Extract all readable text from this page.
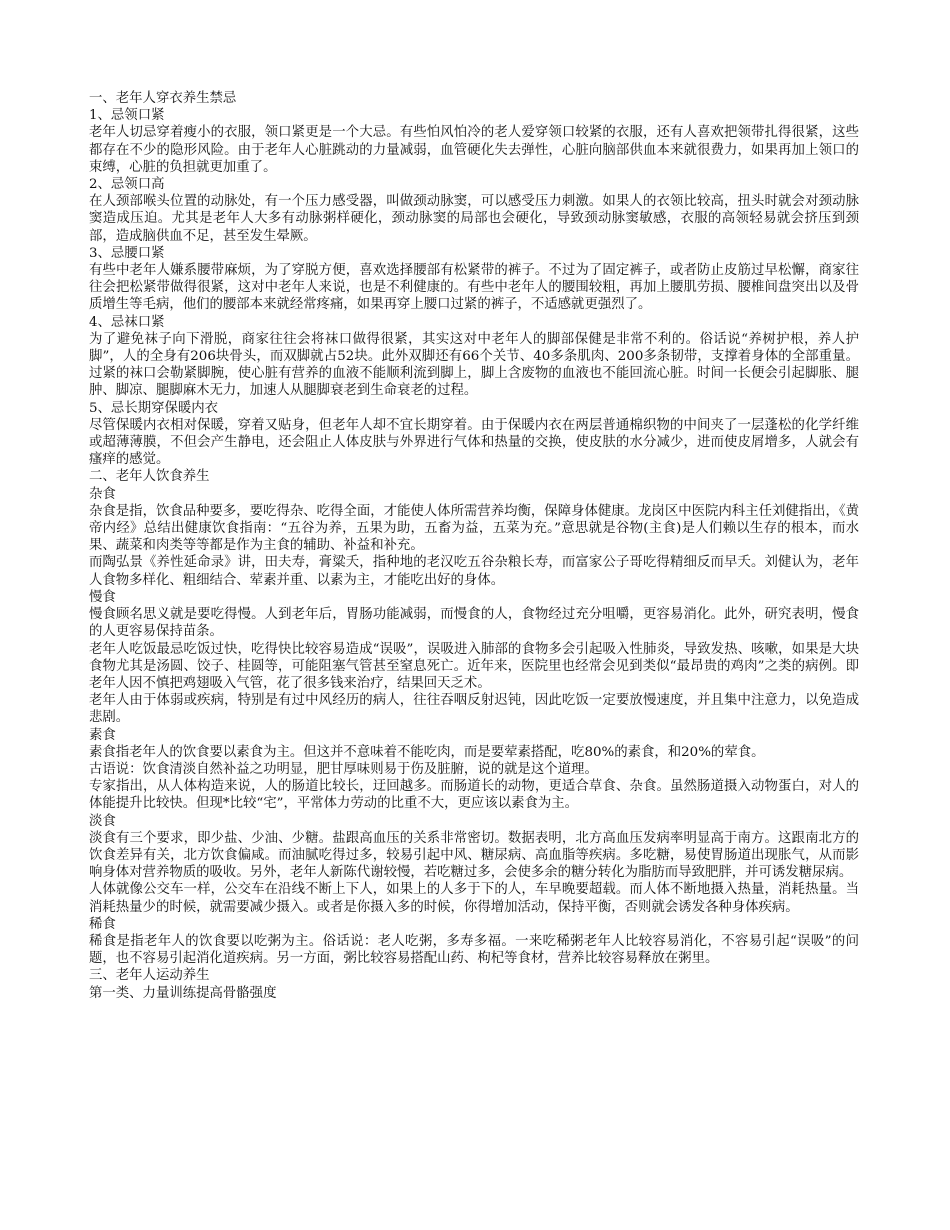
一、老年人穿衣养生禁忌

1、忌领口紧

老年人切忌穿着瘦小的衣服，领口紧更是一个大忌。有些怕风怕冷的老人爱穿领口较紧的衣服，还有人喜欢把领带扎得很紧，这些都存在不少的隐形风险。由于老年人心脏跳动的力量减弱，血管硬化失去弹性，心脏向脑部供血本来就很费力，如果再加上领口的束缚，心脏的负担就更加重了。

2、忌领口高

在人颈部喉头位置的动脉处，有一个压力感受器，叫做颈动脉窦，可以感受压力刺激。如果人的衣领比较高，扭头时就会对颈动脉窦造成压迫。尤其是老年人大多有动脉粥样硬化，颈动脉窦的局部也会硬化，导致颈动脉窦敏感，衣服的高领轻易就会挤压到颈部，造成脑供血不足，甚至发生晕厥。

3、忌腰口紧

有些中老年人嫌系腰带麻烦，为了穿脱方便，喜欢选择腰部有松紧带的裤子。不过为了固定裤子，或者防止皮筋过早松懈，商家往往会把松紧带做得很紧，这对中老年人来说，也是不利健康的。有些中老年人的腰围较粗，再加上腰肌劳损、腰椎间盘突出以及骨质增生等毛病，他们的腰部本来就经常疼痛，如果再穿上腰口过紧的裤子，不适感就更强烈了。

4、忌袜口紧

为了避免袜子向下滑脱，商家往往会将袜口做得很紧，其实这对中老年人的脚部保健是非常不利的。俗话说“养树护根，养人护脚”，人的全身有206块骨头，而双脚就占52块。此外双脚还有66个关节、40多条肌肉、200多条韧带，支撑着身体的全部重量。过紧的袜口会勒紧脚腕，使心脏有营养的血液不能顺利流到脚上，脚上含废物的血液也不能回流心脏。时间一长便会引起脚胀、腿肿、脚凉、腿脚麻木无力，加速人从腿脚衰老到生命衰老的过程。

5、忌长期穿保暖内衣

尽管保暖内衣相对保暖，穿着又贴身，但老年人却不宜长期穿着。由于保暖内衣在两层普通棉织物的中间夹了一层蓬松的化学纤维或超薄薄膜，不但会产生静电，还会阻止人体皮肤与外界进行气体和热量的交换，使皮肤的水分减少，进而使皮屑增多，人就会有瘙痒的感觉。

二、老年人饮食养生

杂食

杂食是指，饮食品种要多，要吃得杂、吃得全面，才能使人体所需营养均衡，保障身体健康。龙岗区中医院内科主任刘健指出，《黄帝内经》总结出健康饮食指南：“五谷为养，五果为助，五畜为益，五菜为充。”意思就是谷物(主食)是人们赖以生存的根本，而水果、蔬菜和肉类等等都是作为主食的辅助、补益和补充。

而陶弘景《养性延命录》讲，田夫寿，膏粱夭，指种地的老汉吃五谷杂粮长寿，而富家公子哥吃得精细反而早夭。刘健认为，老年人食物多样化、粗细结合、荤素并重、以素为主，才能吃出好的身体。

慢食

慢食顾名思义就是要吃得慢。人到老年后，胃肠功能减弱，而慢食的人，食物经过充分咀嚼，更容易消化。此外，研究表明，慢食的人更容易保持苗条。

老年人吃饭最忌吃饭过快，吃得快比较容易造成“误吸”，误吸进入肺部的食物多会引起吸入性肺炎，导致发热、咳嗽，如果是大块食物尤其是汤圆、饺子、桂圆等，可能阻塞气管甚至窒息死亡。近年来，医院里也经常会见到类似“最昂贵的鸡肉”之类的病例。即老年人因不慎把鸡翅吸入气管，花了很多钱来治疗，结果回天乏术。

老年人由于体弱或疾病，特别是有过中风经历的病人，往往吞咽反射迟钝，因此吃饭一定要放慢速度，并且集中注意力，以免造成悲剧。

素食

素食指老年人的饮食要以素食为主。但这并不意味着不能吃肉，而是要荤素搭配，吃80%的素食，和20%的荤食。

古语说：饮食清淡自然补益之功明显，肥甘厚味则易于伤及脏腑，说的就是这个道理。

专家指出，从人体构造来说，人的肠道比较长，迂回越多。而肠道长的动物，更适合草食、杂食。虽然肠道摄入动物蛋白，对人的体能提升比较快。但现*比较“宅”，平常体力劳动的比重不大，更应该以素食为主。

淡食

淡食有三个要求，即少盐、少油、少糖。盐跟高血压的关系非常密切。数据表明，北方高血压发病率明显高于南方。这跟南北方的饮食差异有关，北方饮食偏咸。而油腻吃得过多，较易引起中风、糖尿病、高血脂等疾病。多吃糖，易使胃肠道出现胀气，从而影响身体对营养物质的吸收。另外，老年人新陈代谢较慢，若吃糖过多，会使多余的糖分转化为脂肪而导致肥胖，并可诱发糖尿病。

人体就像公交车一样，公交车在沿线不断上下人，如果上的人多于下的人，车早晚要超载。而人体不断地摄入热量，消耗热量。当消耗热量少的时候，就需要减少摄入。或者是你摄入多的时候，你得增加活动，保持平衡，否则就会诱发各种身体疾病。

稀食

稀食是指老年人的饮食要以吃粥为主。俗话说：老人吃粥，多寿多福。一来吃稀粥老年人比较容易消化，不容易引起“误吸”的问题，也不容易引起消化道疾病。另一方面，粥比较容易搭配山药、枸杞等食材，营养比较容易释放在粥里。

三、老年人运动养生

第一类、力量训练提高骨骼强度
